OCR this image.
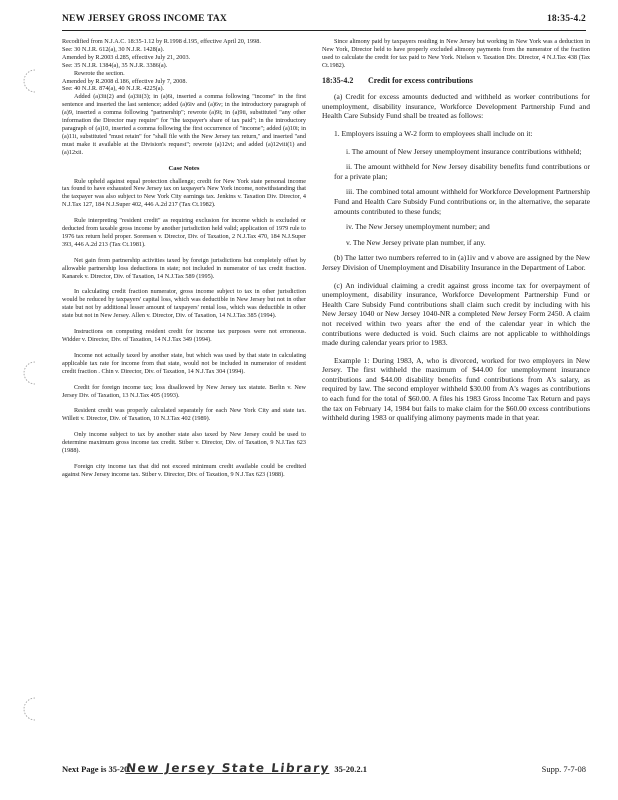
NEW JERSEY GROSS INCOME TAX	18:35-4.2

Recodified from N.J.A.C. 18:35-1.12 by R.1998 d.195, effective April 20, 1998.

See: 30 N.J.R. 612(a), 30 N.J.R. 1428(a).

Amended by R.2003 d.285, effective July 21, 2003.

See: 35 N.J.R. 1384(a), 35 N.J.R. 3386(a).

Rewrote the section.

Amended by R.2008 d.186, effective July 7, 2008.

See: 40 N.J.R. 874(a), 40 N.J.R. 4225(a).

Added (a)3ii(2) and (a)3ii(3); in (a)6i, inserted a comma following "income" in the first sentence and inserted the last sentence; added (a)6iv and (a)6v; in the introductory paragraph of (a)9, inserted a comma following "partnership"; rewrote (a)9i; in (a)9ii, substituted "any other information the Director may require" for "the taxpayer's share of tax paid"; in the introductory paragraph of (a)10, inserted a comma following the first occurrence of "income"; added (a)10i; in (a)11i, substituted "must retain" for "shall file with the New Jersey tax return," and inserted "and must make it available at the Division's request"; rewrote (a)12vi; and added (a)12viii(1) and (a)12xii.

Case Notes

Rule upheld against equal protection challenge; credit for New York state personal income tax found to have exhausted New Jersey tax on taxpayer's New York income, notwithstanding that the taxpayer was also subject to New York City earnings tax. Jenkins v. Taxation Div. Director, 4 N.J.Tax 127, 184 N.J.Super 402, 446 A.2d 217 (Tax Ct.1982).

Rule interpreting "resident credit" as requiring exclusion for income which is excluded or deducted from taxable gross income by another jurisdiction held valid; application of 1979 rule to 1976 tax return held proper. Sorensen v. Director, Div. of Taxation, 2 N.J.Tax 470, 184 N.J.Super 393, 446 A.2d 213 (Tax Ct.1981).

Net gain from partnership activities taxed by foreign jurisdictions but completely offset by allowable partnership loss deductions in state; not included in numerator of tax credit fraction. Kanarek v. Director, Div. of Taxation, 14 N.J.Tax 589 (1995).

In calculating credit fraction numerator, gross income subject to tax in other jurisdiction would be reduced by taxpayers' capital loss, which was deductible in New Jersey but not in other state but not by additional lesser amount of taxpayers' rental loss, which was deductible in other state but not in New Jersey. Allen v. Director, Div. of Taxation, 14 N.J.Tax 385 (1994).

Instructions on computing resident credit for income tax purposes were not erroneous. Widder v. Director, Div. of Taxation, 14 N.J.Tax 349 (1994).

Income not actually taxed by another state, but which was used by that state in calculating applicable tax rate for income from that state, would not be included in numerator of resident credit fraction . Chin v. Director, Div. of Taxation, 14 N.J.Tax 304 (1994).

Credit for foreign income tax; loss disallowed by New Jersey tax statute. Berlin v. New Jersey Div. of Taxation, 13 N.J.Tax 405 (1993).

Resident credit was properly calculated separately for each New York City and state tax. Willett v. Director, Div. of Taxation, 10 N.J.Tax 402 (1989).

Only income subject to tax by another state also taxed by New Jersey could be used to determine maximum gross income tax credit. Stiber v. Director, Div. of Taxation, 9 N.J.Tax 623 (1988).

Foreign city income tax that did not exceed minimum credit available could be credited against New Jersey income tax. Stiber v. Director, Div. of Taxation, 9 N.J.Tax 623 (1988).

Since alimony paid by taxpayers residing in New Jersey but working in New York was a deduction in New York, Director held to have properly excluded alimony payments from the numerator of the fraction used to calculate the credit for tax paid to New York. Nielson v. Taxation Div. Director, 4 N.J.Tax 438 (Tax Ct.1982).

18:35-4.2 Credit for excess contributions

(a) Credit for excess amounts deducted and withheld as worker contributions for unemployment, disability insurance, Workforce Development Partnership Fund and Health Care Subsidy Fund shall be treated as follows:

1. Employers issuing a W-2 form to employees shall include on it:

i. The amount of New Jersey unemployment insurance contributions withheld;

ii. The amount withheld for New Jersey disability benefits fund contributions or for a private plan;

iii. The combined total amount withheld for Workforce Development Partnership Fund and Health Care Subsidy Fund contributions or, in the alternative, the separate amounts contributed to these funds;

iv. The New Jersey unemployment number; and

v. The New Jersey private plan number, if any.

(b) The latter two numbers referred to in (a)1iv and v above are assigned by the New Jersey Division of Unemployment and Disability Insurance in the Department of Labor.

(c) An individual claiming a credit against gross income tax for overpayment of unemployment, disability insurance, Workforce Development Partnership Fund or Health Care Subsidy Fund contributions shall claim such credit by including with his New Jersey 1040 or New Jersey 1040-NR a completed New Jersey Form 2450. A claim not received within two years after the end of the calendar year in which the contributions were deducted is void. Such claims are not applicable to withholdings made during calendar years prior to 1983.

Example 1: During 1983, A, who is divorced, worked for two employers in New Jersey. The first withheld the maximum of $44.00 for unemployment insurance contributions and $44.00 disability benefits fund contributions from A's salary, as required by law. The second employer withheld $30.00 from A's wages as contributions to each fund for the total of $60.00. A files his 1983 Gross Income Tax Return and pays the tax on February 14, 1984 but fails to make claim for the $60.00 excess contributions withheld during 1983 or qualifying alimony payments made in that year.

Next Page is 35-20.
New Jersey State Library 35-20.2.1	Supp. 7-7-08
